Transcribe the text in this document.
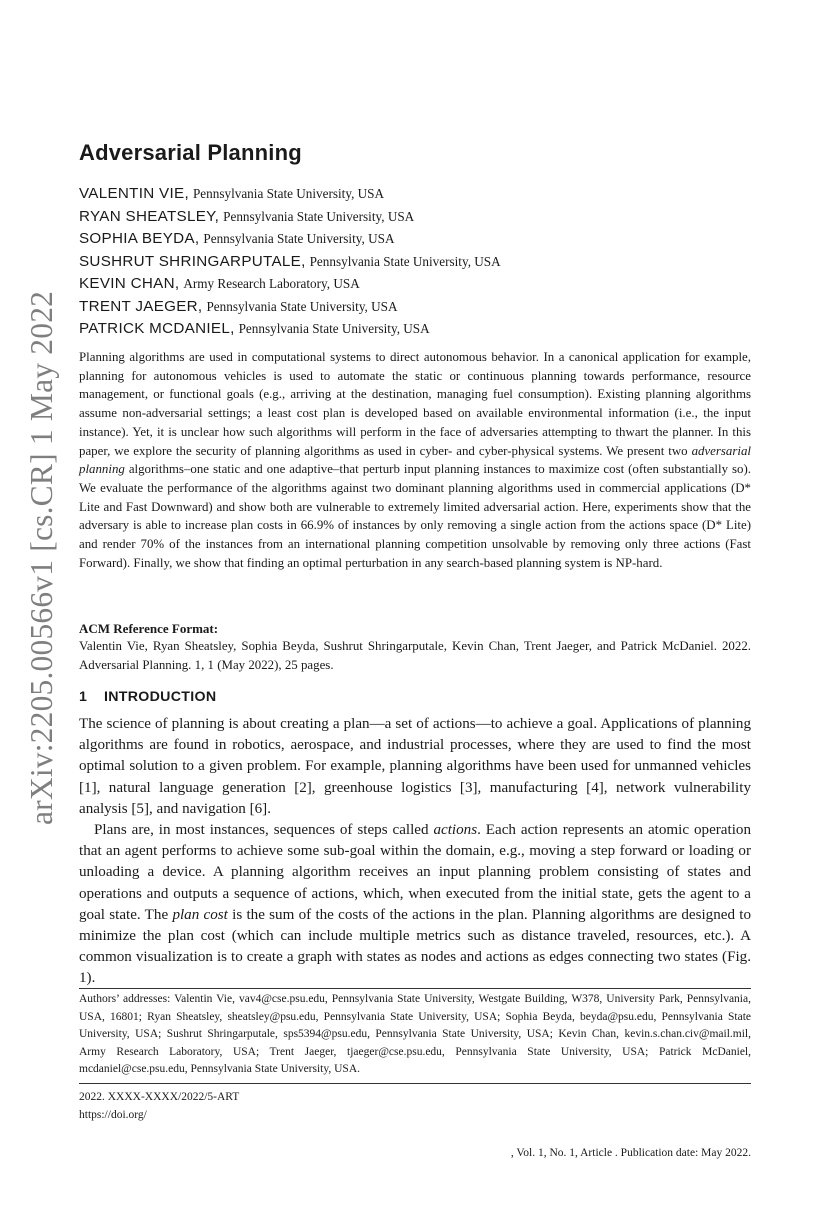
arXiv:2205.00566v1 [cs.CR] 1 May 2022
Adversarial Planning
VALENTIN VIE, Pennsylvania State University, USA
RYAN SHEATSLEY, Pennsylvania State University, USA
SOPHIA BEYDA, Pennsylvania State University, USA
SUSHRUT SHRINGARPUTALE, Pennsylvania State University, USA
KEVIN CHAN, Army Research Laboratory, USA
TRENT JAEGER, Pennsylvania State University, USA
PATRICK MCDANIEL, Pennsylvania State University, USA

Planning algorithms are used in computational systems to direct autonomous behavior. In a canonical application for example, planning for autonomous vehicles is used to automate the static or continuous planning towards performance, resource management, or functional goals (e.g., arriving at the destination, managing fuel consumption). Existing planning algorithms assume non-adversarial settings; a least cost plan is developed based on available environmental information (i.e., the input instance). Yet, it is unclear how such algorithms will perform in the face of adversaries attempting to thwart the planner. In this paper, we explore the security of planning algorithms as used in cyber- and cyber-physical systems. We present two adversarial planning algorithms–one static and one adaptive–that perturb input planning instances to maximize cost (often substantially so). We evaluate the performance of the algorithms against two dominant planning algorithms used in commercial applications (D* Lite and Fast Downward) and show both are vulnerable to extremely limited adversarial action. Here, experiments show that the adversary is able to increase plan costs in 66.9% of instances by only removing a single action from the actions space (D* Lite) and render 70% of the instances from an international planning competition unsolvable by removing only three actions (Fast Forward). Finally, we show that finding an optimal perturbation in any search-based planning system is NP-hard.

ACM Reference Format:

Valentin Vie, Ryan Sheatsley, Sophia Beyda, Sushrut Shringarputale, Kevin Chan, Trent Jaeger, and Patrick McDaniel. 2022. Adversarial Planning. 1, 1 (May 2022), 25 pages.

1 INTRODUCTION

The science of planning is about creating a plan—a set of actions—to achieve a goal. Applications of planning algorithms are found in robotics, aerospace, and industrial processes, where they are used to find the most optimal solution to a given problem. For example, planning algorithms have been used for unmanned vehicles [1], natural language generation [2], greenhouse logistics [3], manufacturing [4], network vulnerability analysis [5], and navigation [6].

Plans are, in most instances, sequences of steps called actions. Each action represents an atomic operation that an agent performs to achieve some sub-goal within the domain, e.g., moving a step forward or loading or unloading a device. A planning algorithm receives an input planning problem consisting of states and operations and outputs a sequence of actions, which, when executed from the initial state, gets the agent to a goal state. The plan cost is the sum of the costs of the actions in the plan. Planning algorithms are designed to minimize the plan cost (which can include multiple metrics such as distance traveled, resources, etc.). A common visualization is to create a graph with states as nodes and actions as edges connecting two states (Fig. 1).

Authors’ addresses: Valentin Vie, vav4@cse.psu.edu, Pennsylvania State University, Westgate Building, W378, University Park, Pennsylvania, USA, 16801; Ryan Sheatsley, sheatsley@psu.edu, Pennsylvania State University, USA; Sophia Beyda, beyda@psu.edu, Pennsylvania State University, USA; Sushrut Shringarputale, sps5394@psu.edu, Pennsylvania State University, USA; Kevin Chan, kevin.s.chan.civ@mail.mil, Army Research Laboratory, USA; Trent Jaeger, tjaeger@cse.psu.edu, Pennsylvania State University, USA; Patrick McDaniel, mcdaniel@cse.psu.edu, Pennsylvania State University, USA.

2022. XXXX-XXXX/2022/5-ART
https://doi.org/

, Vol. 1, No. 1, Article . Publication date: May 2022.
